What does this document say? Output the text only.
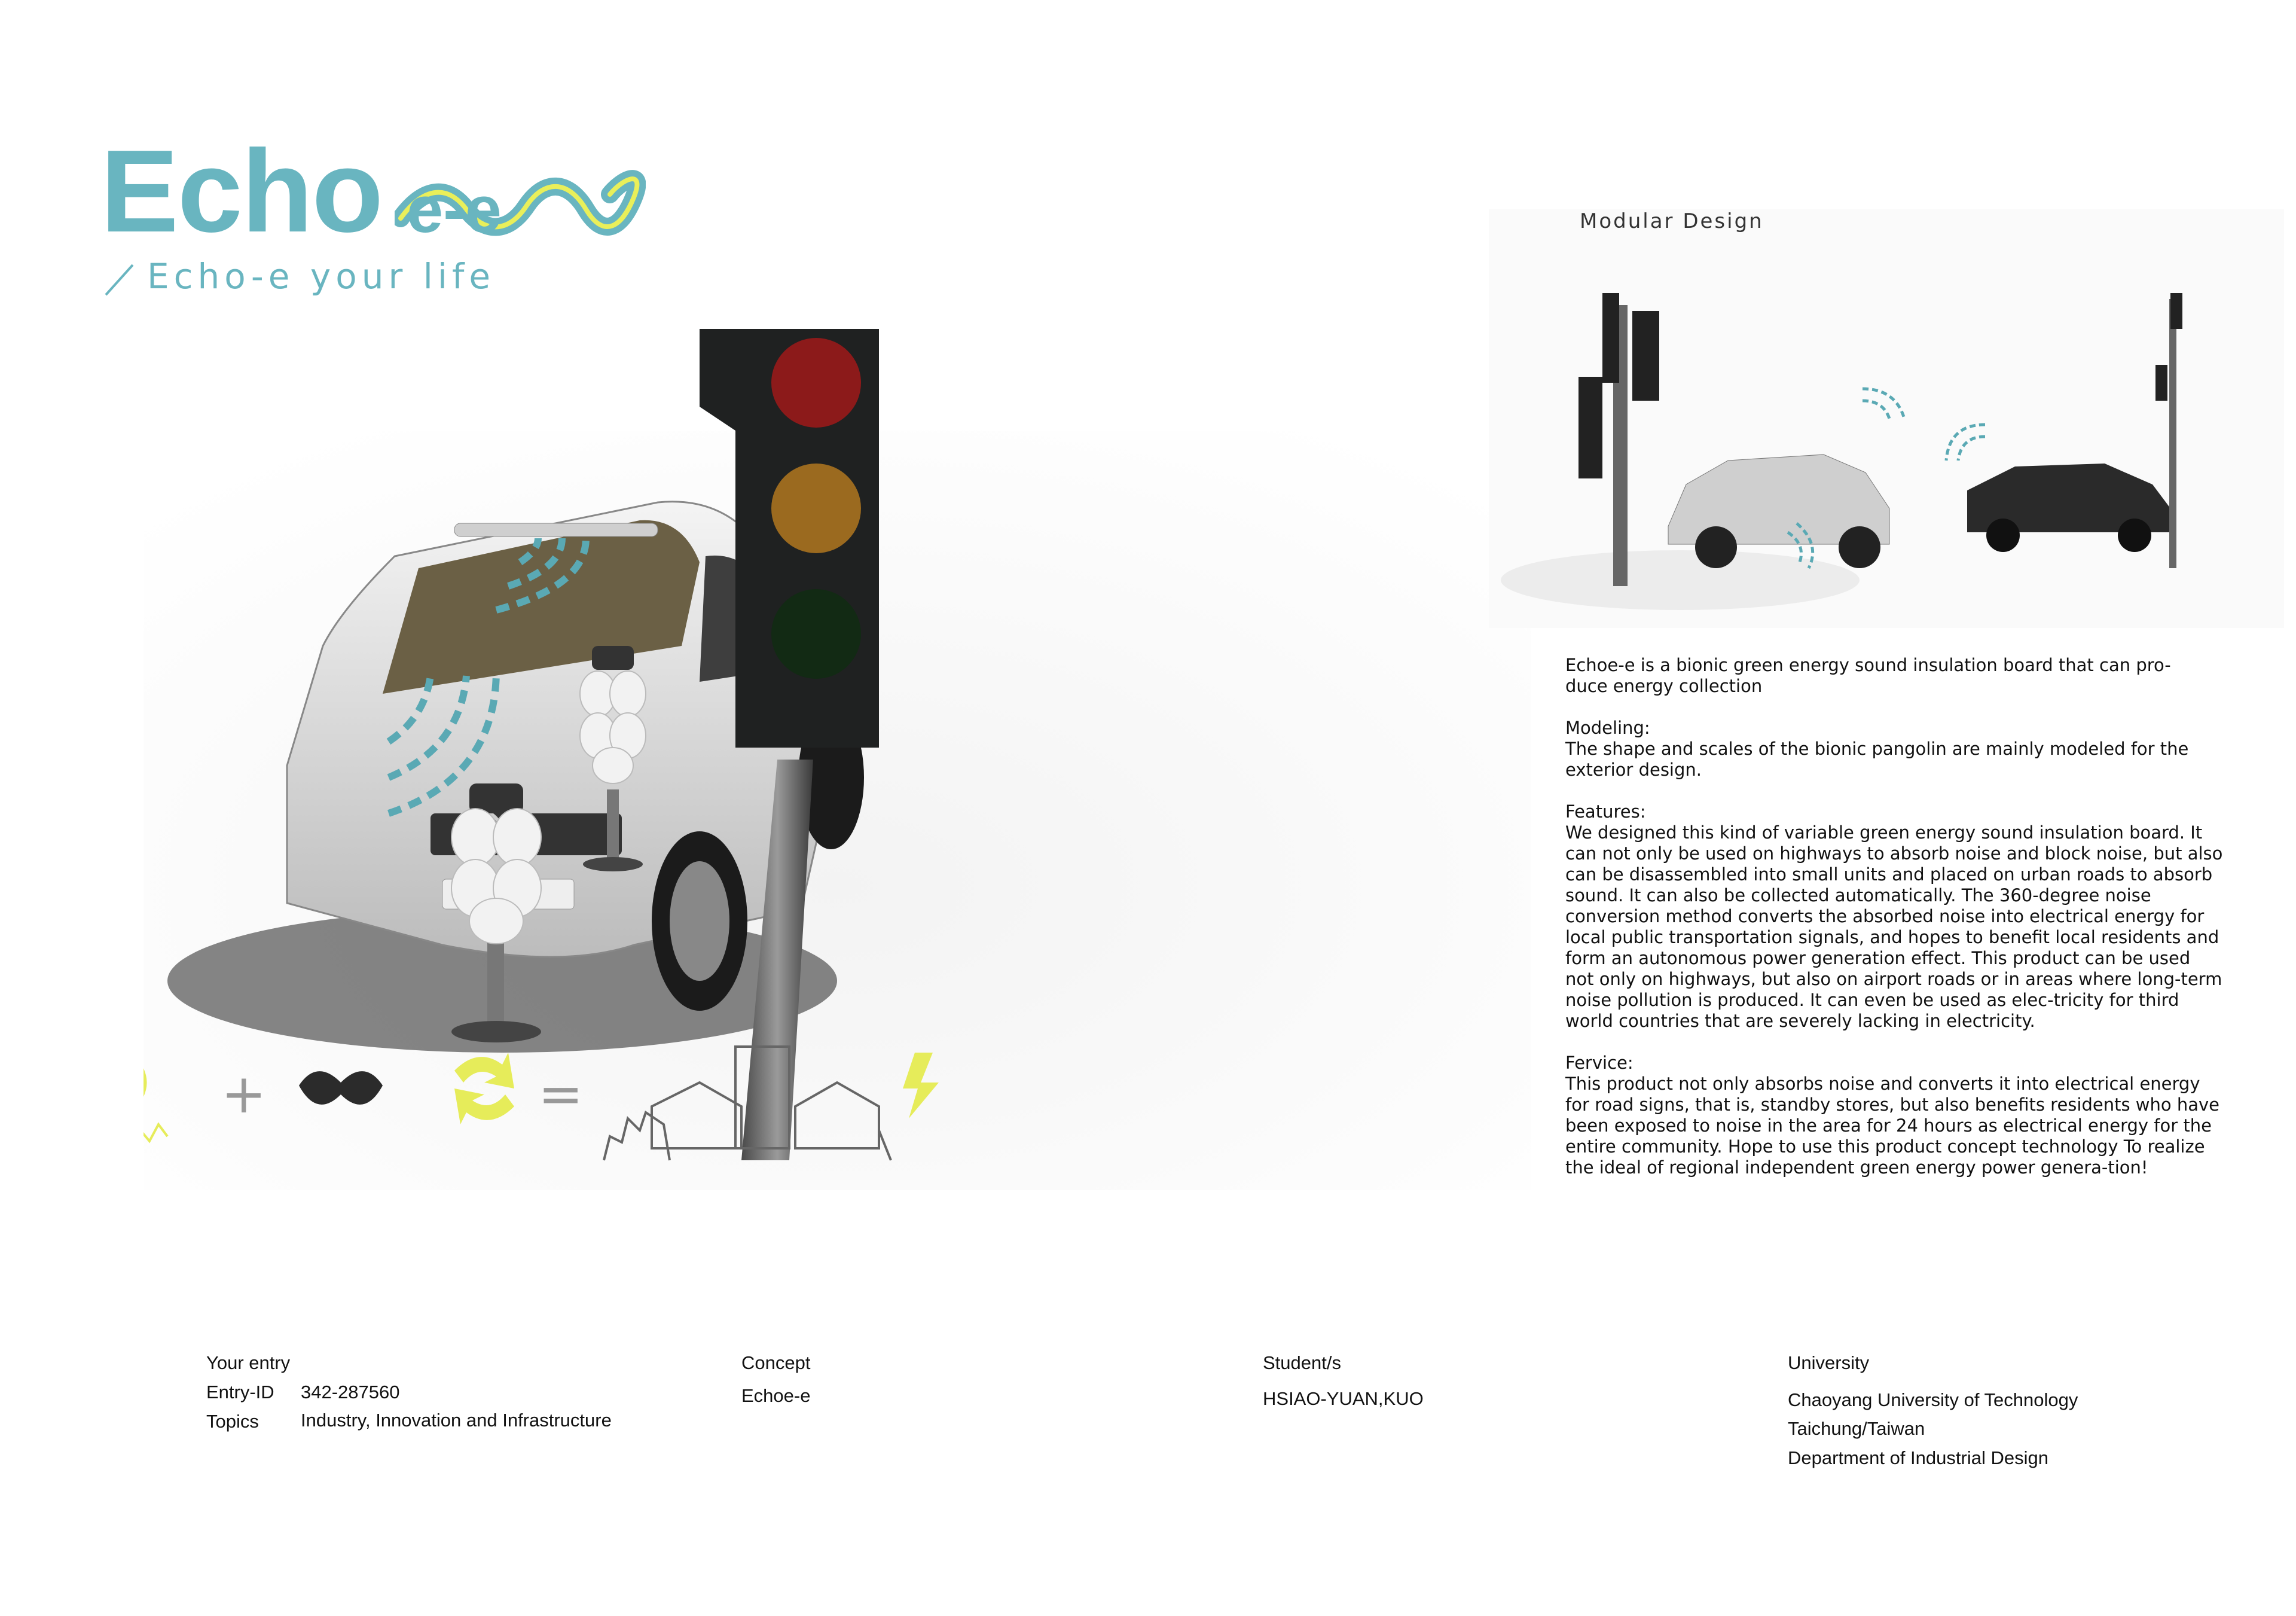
Echo e-e
Echo-e your life
+	=
Modular Design

Echoe-e is a bionic green energy sound insulation board that can pro-
duce energy collection

Modeling:
The shape and scales of the bionic pangolin are mainly modeled for the exterior design.

Features:
We designed this kind of variable green energy sound insulation board. It can not only be used on highways to absorb noise and block noise, but also can be disassembled into small units and placed on urban roads to absorb sound. It can also be collected automatically. The 360-degree noise conversion method converts the absorbed noise into electrical energy for local public transportation signals, and hopes to benefit local residents and form an autonomous power generation effect. This product can be used not only on highways, but also on airport roads or in areas where long-term noise pollution is produced. It can even be used as elec-tricity for third world countries that are severely lacking in electricity.

Fervice:
This product not only absorbs noise and converts it into electrical energy for road signs, that is, standby stores, but also benefits residents who have been exposed to noise in the area for 24 hours as electrical energy for the entire community. Hope to use this product concept technology To realize the ideal of regional independent green energy power genera-tion!

Your entry
Entry-ID 342-287560
Topics Industry, Innovation and Infrastructure
Concept
Echoe-e
Student/s
HSIAO-YUAN,KUO
University
Chaoyang University of Technology
Taichung/Taiwan
Department of Industrial Design
